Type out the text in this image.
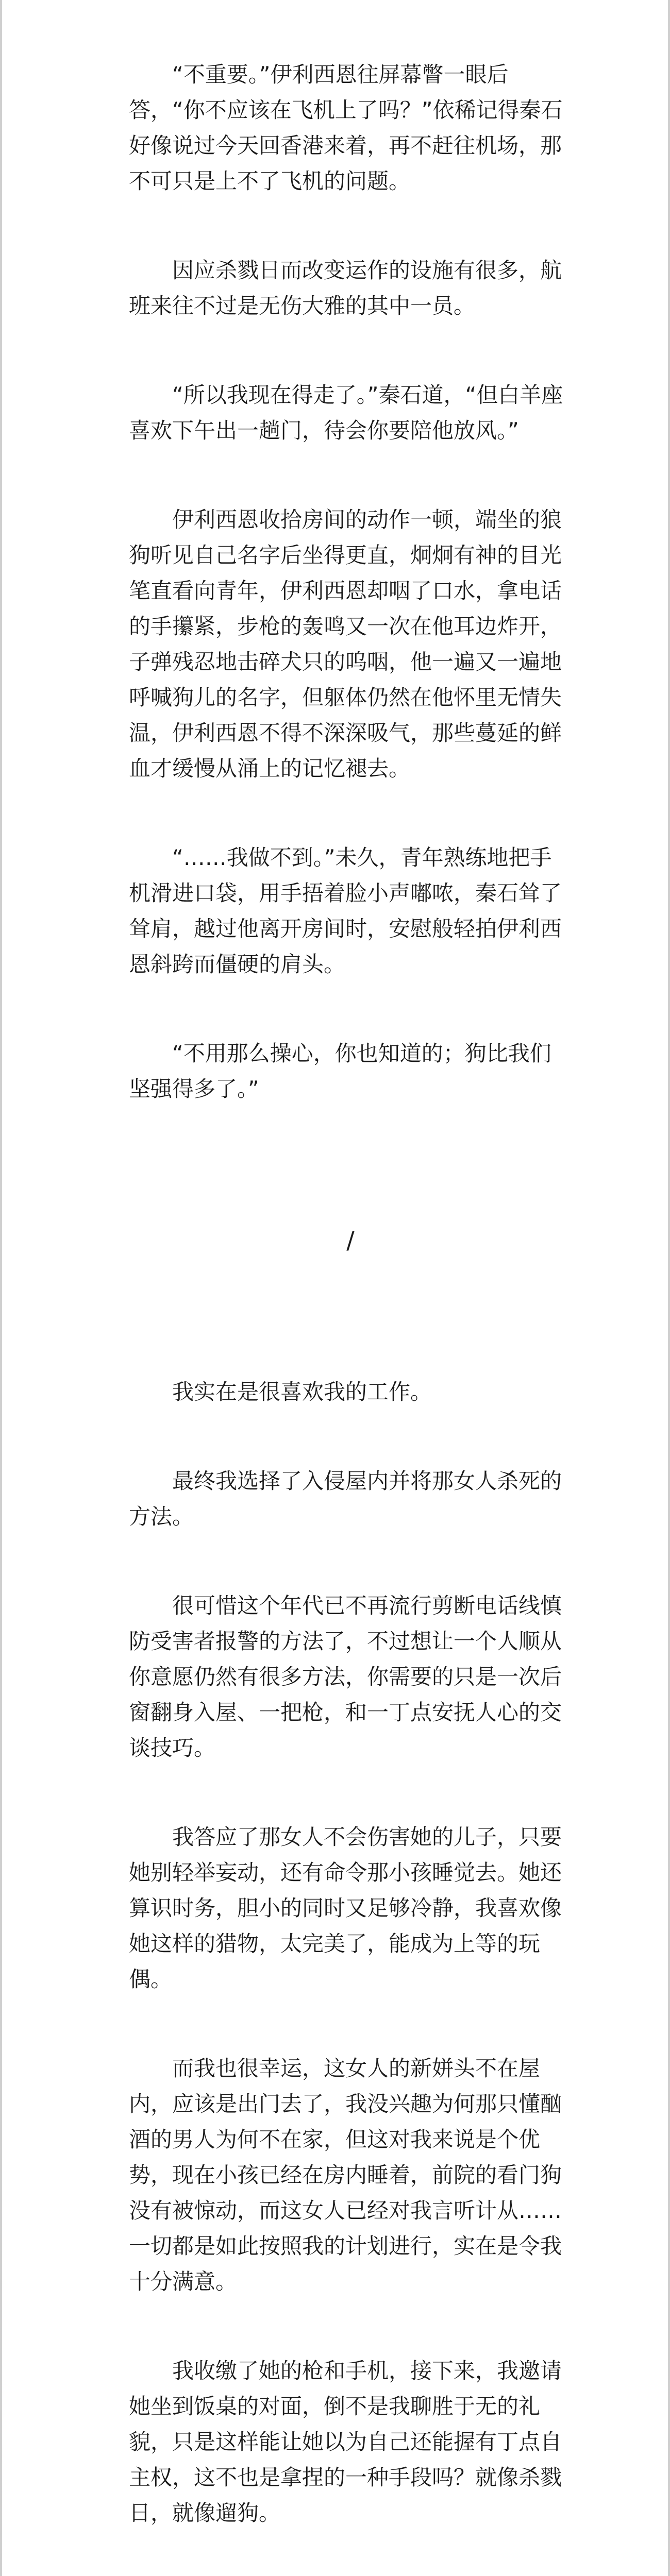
“不重要。”伊利西恩往屏幕瞥一眼后答，“你不应该在飞机上了吗？”依稀记得秦石好像说过今天回香港来着，再不赶往机场，那不可只是上不了飞机的问题。

因应杀戮日而改变运作的设施有很多，航班来往不过是无伤大雅的其中一员。

“所以我现在得走了。”秦石道，“但白羊座喜欢下午出一趟门，待会你要陪他放风。”

伊利西恩收拾房间的动作一顿，端坐的狼狗听见自己名字后坐得更直，炯炯有神的目光笔直看向青年，伊利西恩却咽了口水，拿电话的手攥紧，步枪的轰鸣又一次在他耳边炸开，子弹残忍地击碎犬只的呜咽，他一遍又一遍地呼喊狗儿的名字，但躯体仍然在他怀里无情失温，伊利西恩不得不深深吸气，那些蔓延的鲜血才缓慢从涌上的记忆褪去。

“……我做不到。”未久，青年熟练地把手机滑进口袋，用手捂着脸小声嘟哝，秦石耸了耸肩，越过他离开房间时，安慰般轻拍伊利西恩斜跨而僵硬的肩头。

“不用那么操心，你也知道的；狗比我们坚强得多了。”

/

我实在是很喜欢我的工作。

最终我选择了入侵屋内并将那女人杀死的方法。

很可惜这个年代已不再流行剪断电话线慎防受害者报警的方法了，不过想让一个人顺从你意愿仍然有很多方法，你需要的只是一次后窗翻身入屋、一把枪，和一丁点安抚人心的交谈技巧。

我答应了那女人不会伤害她的儿子，只要她别轻举妄动，还有命令那小孩睡觉去。她还算识时务，胆小的同时又足够冷静，我喜欢像她这样的猎物，太完美了，能成为上等的玩偶。

而我也很幸运，这女人的新姘头不在屋内，应该是出门去了，我没兴趣为何那只懂酗酒的男人为何不在家，但这对我来说是个优势，现在小孩已经在房内睡着，前院的看门狗没有被惊动，而这女人已经对我言听计从……一切都是如此按照我的计划进行，实在是令我十分满意。

我收缴了她的枪和手机，接下来，我邀请她坐到饭桌的对面，倒不是我聊胜于无的礼貌，只是这样能让她以为自己还能握有丁点自主权，这不也是拿捏的一种手段吗？就像杀戮日，就像遛狗。
